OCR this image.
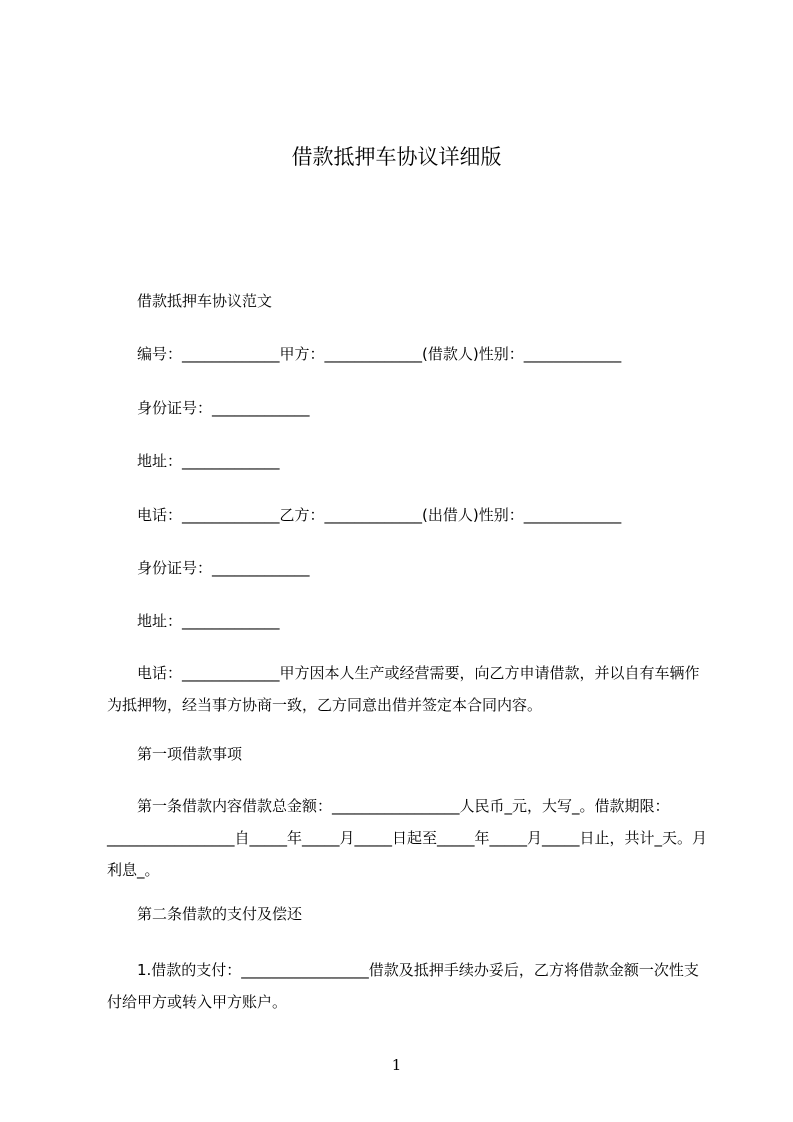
借款抵押车协议详细版
借款抵押车协议范文
编号：_____________甲方：_____________(借款人)性别：_____________
身份证号：_____________
地址：_____________
电话：_____________乙方：_____________(出借人)性别：_____________
身份证号：_____________
地址：_____________
电话：_____________甲方因本人生产或经营需要，向乙方申请借款，并以自有车辆作为抵押物，经当事方协商一致，乙方同意出借并签定本合同内容。
第一项借款事项
第一条借款内容借款总金额：_________________人民币_元，大写_。借款期限：_________________自_____年_____月_____日起至_____年_____月_____日止，共计_天。月利息_。
第二条借款的支付及偿还
1.借款的支付：_________________借款及抵押手续办妥后，乙方将借款金额一次性支付给甲方或转入甲方账户。
1
